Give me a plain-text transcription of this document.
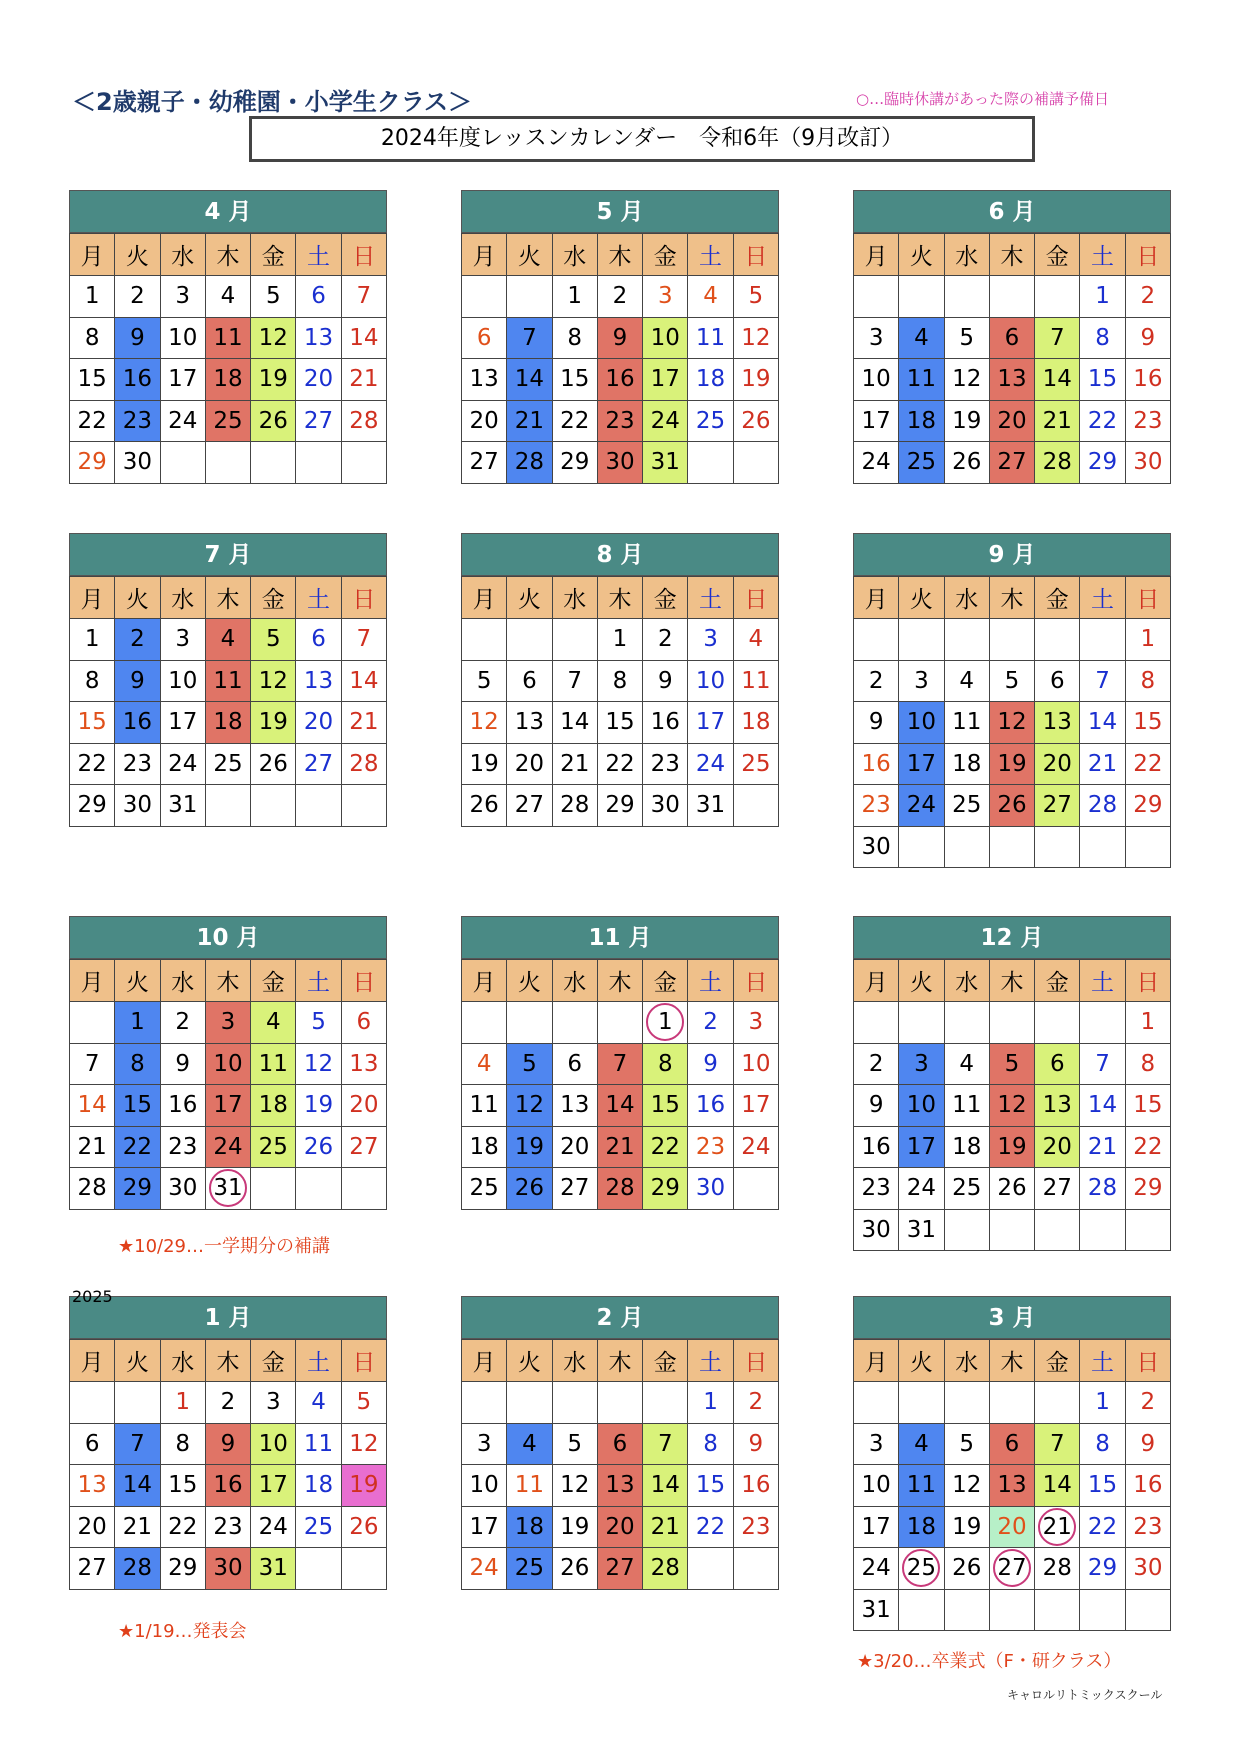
＜2歳親子・幼稚園・小学生クラス＞	○…臨時休講があった際の補講予備日
2024年度レッスンカレンダー　令和6年（9月改訂）
4 月
月	火	水	木	金	土	日
1	2	3	4	5	6	7
8	9	10	11	12	13	14
15	16	17	18	19	20	21
22	23	24	25	26	27	28
29	30					
5 月
月	火	水	木	金	土	日
		1	2	3	4	5
6	7	8	9	10	11	12
13	14	15	16	17	18	19
20	21	22	23	24	25	26
27	28	29	30	31		
6 月
月	火	水	木	金	土	日
					1	2
3	4	5	6	7	8	9
10	11	12	13	14	15	16
17	18	19	20	21	22	23
24	25	26	27	28	29	30
7 月
月	火	水	木	金	土	日
1	2	3	4	5	6	7
8	9	10	11	12	13	14
15	16	17	18	19	20	21
22	23	24	25	26	27	28
29	30	31				
8 月
月	火	水	木	金	土	日
			1	2	3	4
5	6	7	8	9	10	11
12	13	14	15	16	17	18
19	20	21	22	23	24	25
26	27	28	29	30	31	
9 月
月	火	水	木	金	土	日
						1
2	3	4	5	6	7	8
9	10	11	12	13	14	15
16	17	18	19	20	21	22
23	24	25	26	27	28	29
30						
10 月
月	火	水	木	金	土	日
	1	2	3	4	5	6
7	8	9	10	11	12	13
14	15	16	17	18	19	20
21	22	23	24	25	26	27
28	29	30	31			
11 月
月	火	水	木	金	土	日
				1	2	3
4	5	6	7	8	9	10
11	12	13	14	15	16	17
18	19	20	21	22	23	24
25	26	27	28	29	30	
12 月
月	火	水	木	金	土	日
						1
2	3	4	5	6	7	8
9	10	11	12	13	14	15
16	17	18	19	20	21	22
23	24	25	26	27	28	29
30	31					
1 月
月	火	水	木	金	土	日
		1	2	3	4	5
6	7	8	9	10	11	12
13	14	15	16	17	18	19
20	21	22	23	24	25	26
27	28	29	30	31		
2 月
月	火	水	木	金	土	日
					1	2
3	4	5	6	7	8	9
10	11	12	13	14	15	16
17	18	19	20	21	22	23
24	25	26	27	28		
3 月
月	火	水	木	金	土	日
					1	2
3	4	5	6	7	8	9
10	11	12	13	14	15	16
17	18	19	20	21	22	23
24	25	26	27	28	29	30
31						
★10/29…一学期分の補講
2025
★1/19…発表会
★3/20…卒業式（F・研クラス）
キャロルリトミックスクール
